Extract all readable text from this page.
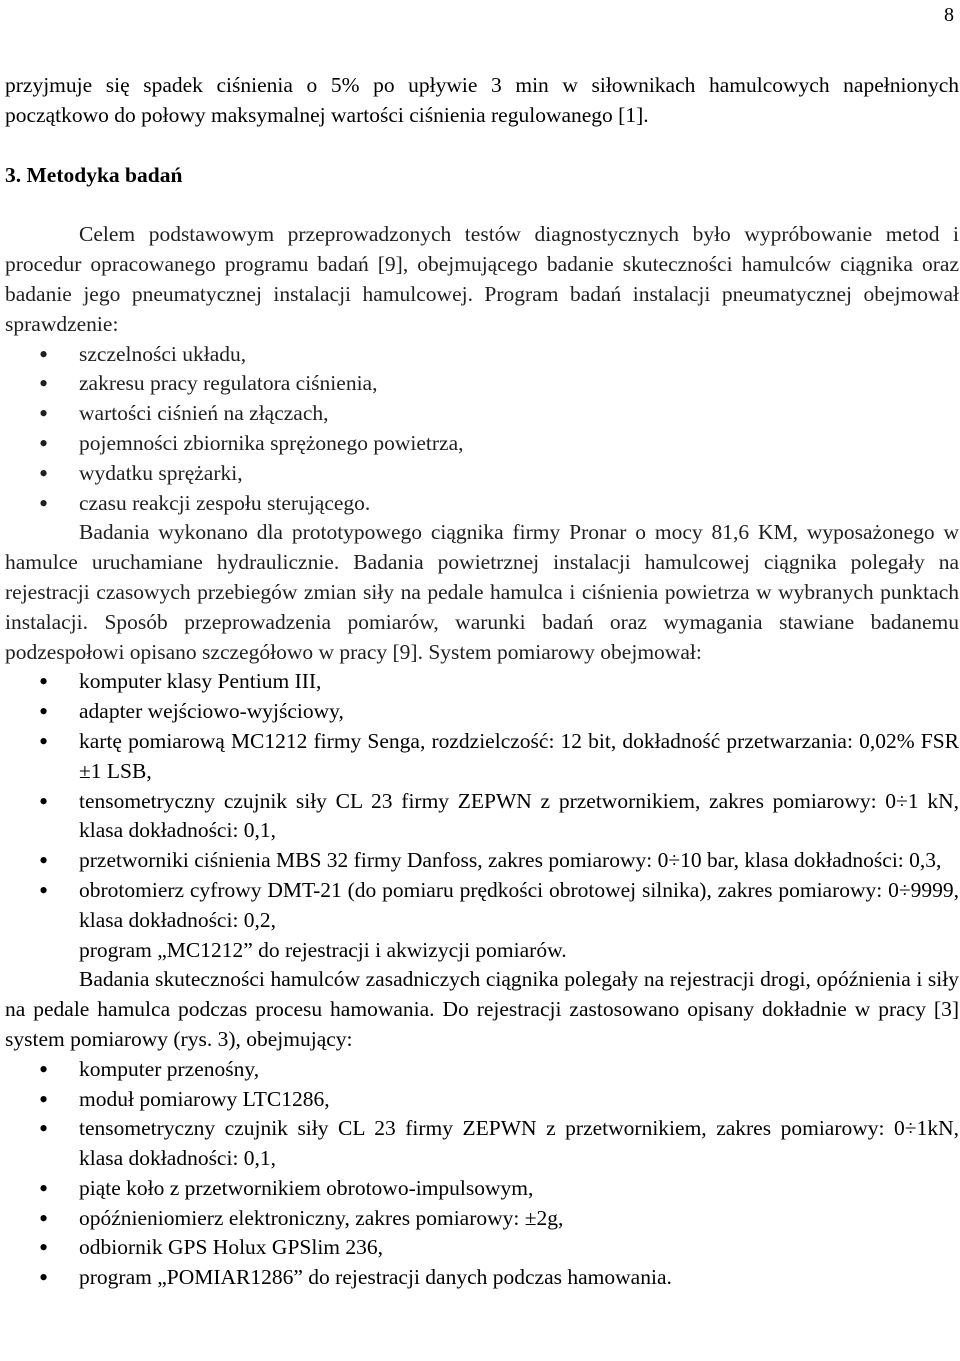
8

przyjmuje się spadek ciśnienia o 5% po upływie 3 min w siłownikach hamulcowych napełnionych początkowo do połowy maksymalnej wartości ciśnienia regulowanego [1].

3. Metodyka badań

Celem podstawowym przeprowadzonych testów diagnostycznych było wypróbowanie metod i procedur opracowanego programu badań [9], obejmującego badanie skuteczności hamulców ciągnika oraz badanie jego pneumatycznej instalacji hamulcowej. Program badań instalacji pneumatycznej obejmował sprawdzenie:

• szczelności układu,
• zakresu pracy regulatora ciśnienia,
• wartości ciśnień na złączach,
• pojemności zbiornika sprężonego powietrza,
• wydatku sprężarki,
• czasu reakcji zespołu sterującego.

Badania wykonano dla prototypowego ciągnika firmy Pronar o mocy 81,6 KM, wyposażonego w hamulce uruchamiane hydraulicznie. Badania powietrznej instalacji hamulcowej ciągnika polegały na rejestracji czasowych przebiegów zmian siły na pedale hamulca i ciśnienia powietrza w wybranych punktach instalacji. Sposób przeprowadzenia pomiarów, warunki badań oraz wymagania stawiane badanemu podzespołowi opisano szczegółowo w pracy [9]. System pomiarowy obejmował:

• komputer klasy Pentium III,
• adapter wejściowo-wyjściowy,
• kartę pomiarową MC1212 firmy Senga, rozdzielczość: 12 bit, dokładność przetwarzania: 0,02% FSR ±1 LSB,
• tensometryczny czujnik siły CL 23 firmy ZEPWN z przetwornikiem, zakres pomiarowy: 0÷1 kN, klasa dokładności: 0,1,
• przetworniki ciśnienia MBS 32 firmy Danfoss, zakres pomiarowy: 0÷10 bar, klasa dokładności: 0,3,
• obrotomierz cyfrowy DMT-21 (do pomiaru prędkości obrotowej silnika), zakres pomiarowy: 0÷9999, klasa dokładności: 0,2,

program „MC1212” do rejestracji i akwizycji pomiarów.

Badania skuteczności hamulców zasadniczych ciągnika polegały na rejestracji drogi, opóźnienia i siły na pedale hamulca podczas procesu hamowania. Do rejestracji zastosowano opisany dokładnie w pracy [3] system pomiarowy (rys. 3), obejmujący:

• komputer przenośny,
• moduł pomiarowy LTC1286,
• tensometryczny czujnik siły CL 23 firmy ZEPWN z przetwornikiem, zakres pomiarowy: 0÷1kN, klasa dokładności: 0,1,
• piąte koło z przetwornikiem obrotowo-impulsowym,
• opóźnieniomierz elektroniczny, zakres pomiarowy: ±2g,
• odbiornik GPS Holux GPSlim 236,
• program „POMIAR1286” do rejestracji danych podczas hamowania.
